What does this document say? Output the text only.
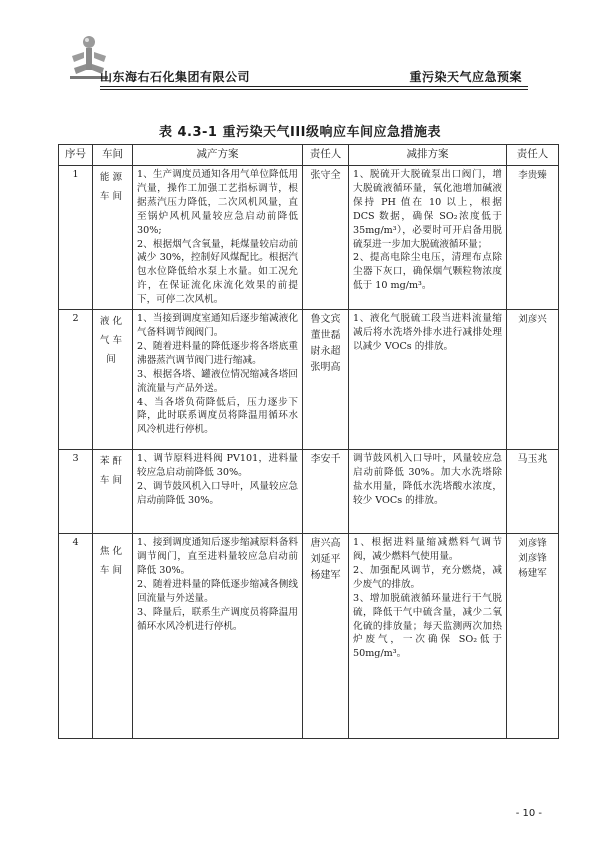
山东海右石化集团有限公司	重污染天气应急预案
表 4.3-1 重污染天气III级响应车间应急措施表
序号	车间	减产方案	责任人	减排方案	责任人
1	能源车间	1、生产调度员通知各用气单位降低用汽量，操作工加强工艺指标调节，根据蒸汽压力降低，二次风机风量，直至锅炉风机风量较应急启动前降低 30%;
2、根据烟气含氧量，耗煤量较启动前减少 30%，控制好风煤配比。根据汽包水位降低给水泵上水量。如工况允许，在保证流化床流化效果的前提下，可停二次风机。	张守全	1、脱硫开大脱硫泵出口阀门，增大脱硫液循环量，氧化池增加碱液保持 PH 值在 10 以上，根据 DCS 数据，确保 SO₂浓度低于 35mg/m³），必要时可开启备用脱硫泵进一步加大脱硫液循环量；
2、提高电除尘电压，清理布点除尘器下灰口，确保烟气颗粒物浓度低于 10 mg/m³。	李贵臻

2	液化气车间	1、当接到调度室通知后逐步缩减液化气备料调节阀阀门。
2、随着进料量的降低逐步将各塔底重沸器蒸汽调节阀门进行缩减。
3、根据各塔、罐液位情况缩减各塔回流流量与产品外送。
4、当各塔负荷降低后，压力逐步下降，此时联系调度员将降温用循环水风冷机进行停机。	鲁文宾
董世磊
尉永超
张明高	1、液化气脱硫工段当进料流量缩减后将水洗塔外排水进行减排处理以减少 VOCs 的排放。	刘彦兴

3	苯酐车间	1、调节原料进料阀 PV101，进料量较应急启动前降低 30%。
2、调节鼓风机入口导叶，风量较应急启动前降低 30%。	李安千	调节鼓风机入口导叶，风量较应急启动前降低 30%。加大水洗塔除盐水用量，降低水洗塔酸水浓度，较少 VOCs 的排放。	马玉兆

4	焦化车间	1、接到调度通知后逐步缩减原料备料调节阀门，直至进料量较应急启动前降低 30%。
2、随着进料量的降低逐步缩减各侧线回流量与外送量。
3、降量后，联系生产调度员将降温用循环水风冷机进行停机。	唐兴高
刘延平
杨建军	1、根据进料量缩减燃料气调节阀，减少燃料气使用量。
2、加强配风调节，充分燃烧，减少废气的排放。
3、增加脱硫液循环量进行干气脱硫，降低干气中硫含量，减少二氧化硫的排放量；每天监测两次加热炉废气，一次确保 SO₂低于 50mg/m³。	刘彦锋
刘彦锋
杨建军
- 10 -
